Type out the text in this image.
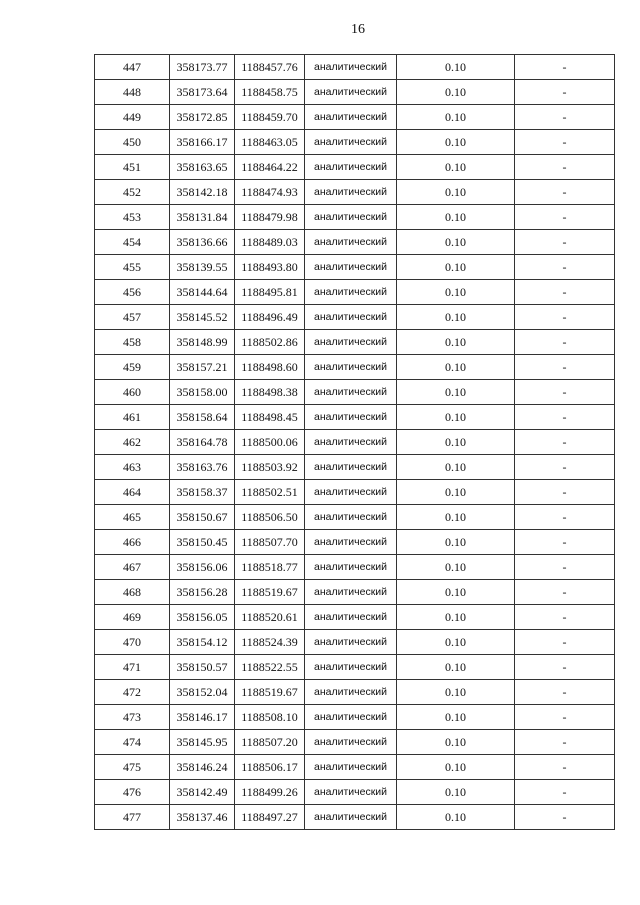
16
447	358173.77	1188457.76	аналитический	0.10	-
448	358173.64	1188458.75	аналитический	0.10	-
449	358172.85	1188459.70	аналитический	0.10	-
450	358166.17	1188463.05	аналитический	0.10	-
451	358163.65	1188464.22	аналитический	0.10	-
452	358142.18	1188474.93	аналитический	0.10	-
453	358131.84	1188479.98	аналитический	0.10	-
454	358136.66	1188489.03	аналитический	0.10	-
455	358139.55	1188493.80	аналитический	0.10	-
456	358144.64	1188495.81	аналитический	0.10	-
457	358145.52	1188496.49	аналитический	0.10	-
458	358148.99	1188502.86	аналитический	0.10	-
459	358157.21	1188498.60	аналитический	0.10	-
460	358158.00	1188498.38	аналитический	0.10	-
461	358158.64	1188498.45	аналитический	0.10	-
462	358164.78	1188500.06	аналитический	0.10	-
463	358163.76	1188503.92	аналитический	0.10	-
464	358158.37	1188502.51	аналитический	0.10	-
465	358150.67	1188506.50	аналитический	0.10	-
466	358150.45	1188507.70	аналитический	0.10	-
467	358156.06	1188518.77	аналитический	0.10	-
468	358156.28	1188519.67	аналитический	0.10	-
469	358156.05	1188520.61	аналитический	0.10	-
470	358154.12	1188524.39	аналитический	0.10	-
471	358150.57	1188522.55	аналитический	0.10	-
472	358152.04	1188519.67	аналитический	0.10	-
473	358146.17	1188508.10	аналитический	0.10	-
474	358145.95	1188507.20	аналитический	0.10	-
475	358146.24	1188506.17	аналитический	0.10	-
476	358142.49	1188499.26	аналитический	0.10	-
477	358137.46	1188497.27	аналитический	0.10	-
